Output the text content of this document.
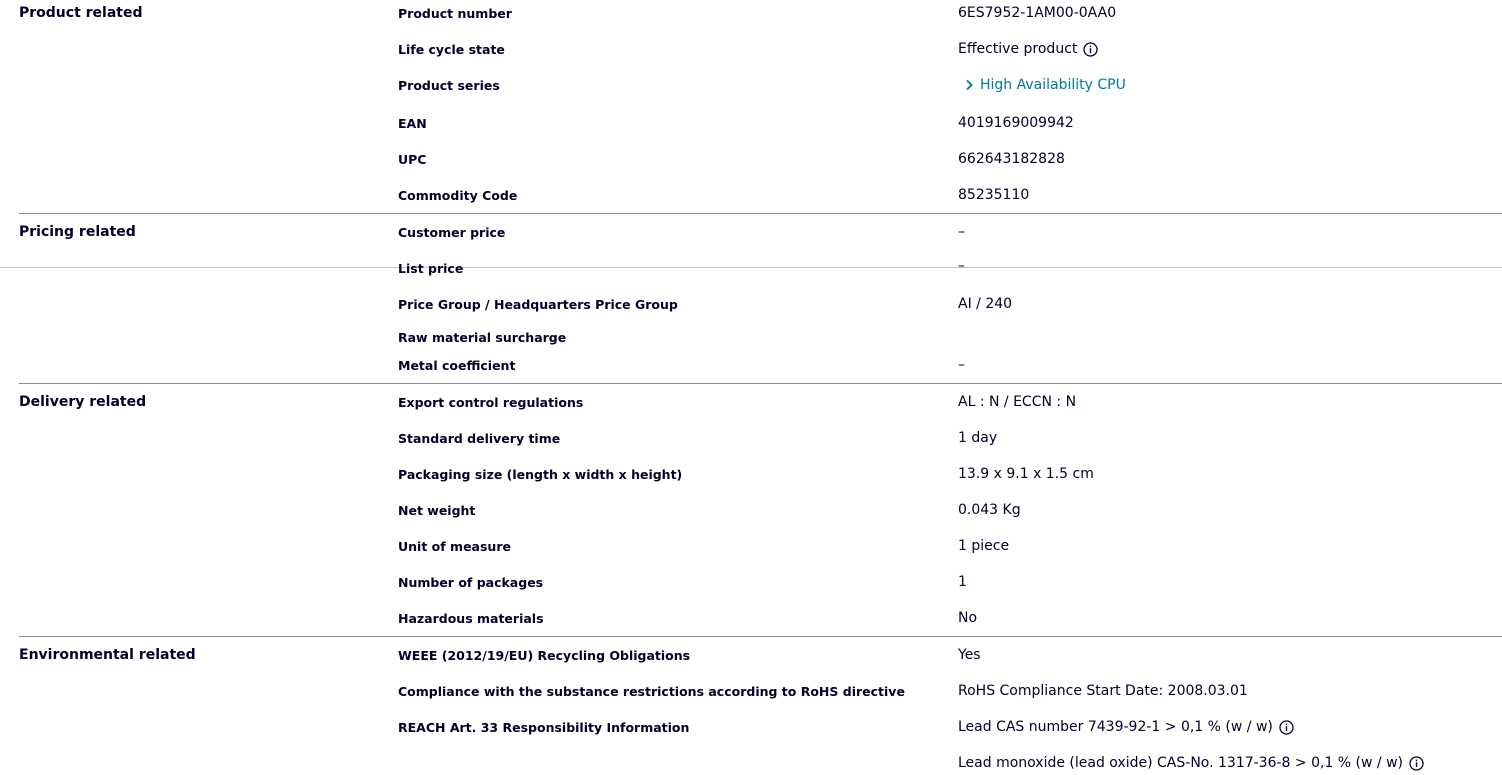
Product related	Product number	6ES7952-1AM00-0AA0
Life cycle state	Effective product
Product series	High Availability CPU
EAN	4019169009942
UPC	662643182828
Commodity Code	85235110
Pricing related	Customer price	–
List price	–
Price Group / Headquarters Price Group	AI / 240
Raw material surcharge
Metal coefficient	–
Delivery related	Export control regulations	AL : N / ECCN : N
Standard delivery time	1 day
Packaging size (length x width x height)	13.9 x 9.1 x 1.5 cm
Net weight	0.043 Kg
Unit of measure	1 piece
Number of packages	1
Hazardous materials	No
Environmental related	WEEE (2012/19/EU) Recycling Obligations	Yes
Compliance with the substance restrictions according to RoHS directive	RoHS Compliance Start Date: 2008.03.01
REACH Art. 33 Responsibility Information	Lead CAS number 7439-92-1 > 0,1 % (w / w)
Lead monoxide (lead oxide) CAS-No. 1317-36-8 > 0,1 % (w / w)
